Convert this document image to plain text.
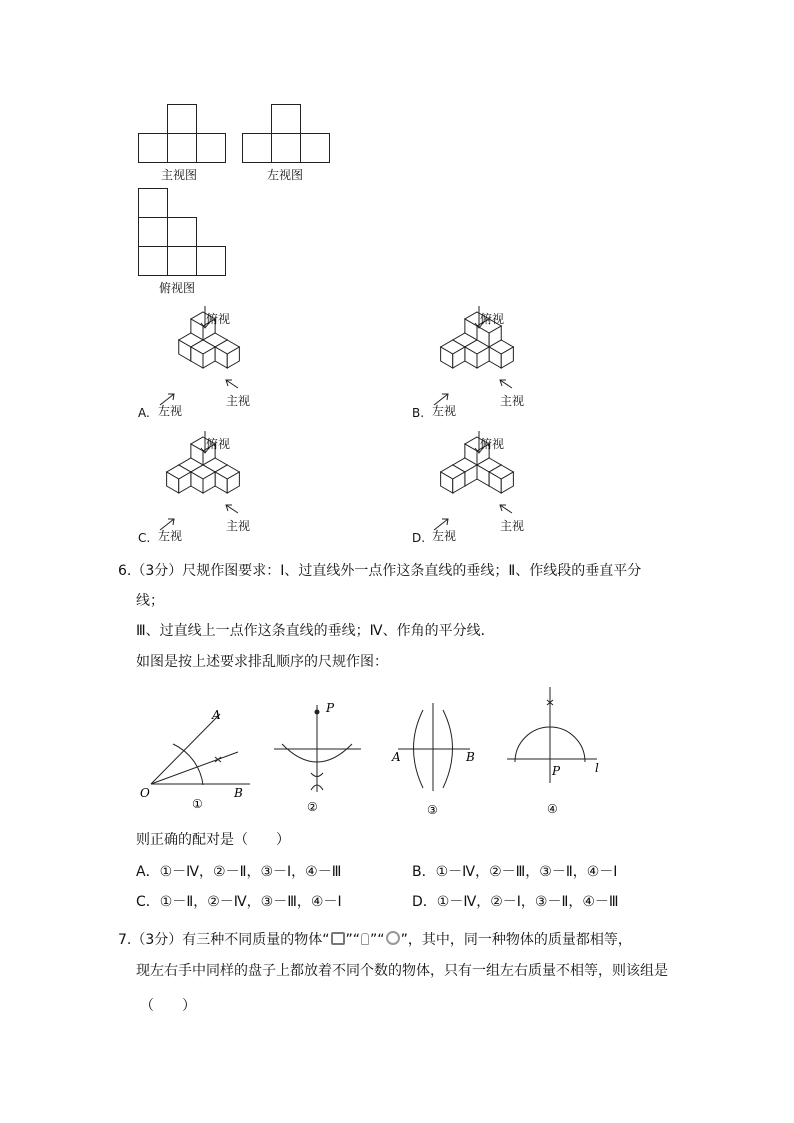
主视图	左视图
俯视图
6.（3分）尺规作图要求：Ⅰ、过直线外一点作这条直线的垂线；Ⅱ、作线段的垂直平分
线；
Ⅲ、过直线上一点作这条直线的垂线；Ⅳ、作角的平分线．
如图是按上述要求排乱顺序的尺规作图：
A
O	B
①
P
②
A	B
③
P	l
④
则正确的配对是（　　）
A．①－Ⅳ，②－Ⅱ，③－Ⅰ，④－Ⅲ	B．①－Ⅳ，②－Ⅲ，③－Ⅱ，④－Ⅰ
C．①－Ⅱ，②－Ⅳ，③－Ⅲ，④－Ⅰ	D．①－Ⅳ，②－Ⅰ，③－Ⅱ，④－Ⅲ
7.（3分）有三种不同质量的物体“ ”“ ”“ ”，其中，同一种物体的质量都相等，
现左右手中同样的盘子上都放着不同个数的物体，只有一组左右质量不相等，则该组是
（　　）
俯视
左视
主视
A.
俯视
左视
主视
B.
俯视
左视
主视
C.
俯视
左视
主视
D.
